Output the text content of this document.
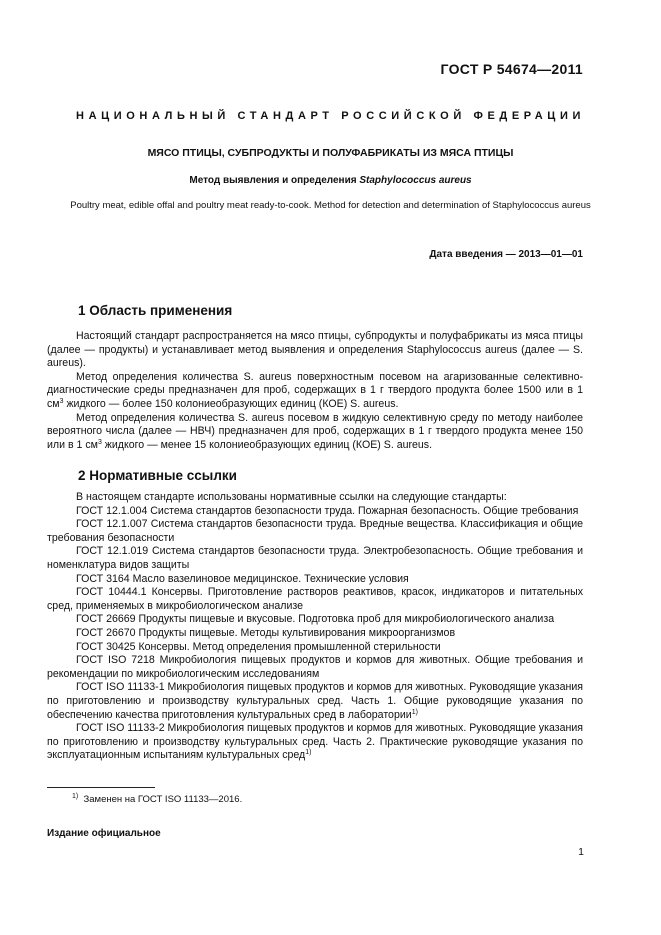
ГОСТ Р 54674—2011
НАЦИОНАЛЬНЫЙ СТАНДАРТ РОССИЙСКОЙ ФЕДЕРАЦИИ
МЯСО ПТИЦЫ, СУБПРОДУКТЫ И ПОЛУФАБРИКАТЫ ИЗ МЯСА ПТИЦЫ
Метод выявления и определения Staphylococcus aureus
Poultry meat, edible offal and poultry meat ready-to-cook. Method for detection and determination of Staphylococcus aureus
Дата введения — 2013—01—01
1 Область применения

Настоящий стандарт распространяется на мясо птицы, субпродукты и полуфабрикаты из мяса птицы (далее — продукты) и устанавливает метод выявления и определения Staphylococcus aureus (далее — S. aureus).

Метод определения количества S. aureus поверхностным посевом на агаризованные селективно-диагностические среды предназначен для проб, содержащих в 1 г твердого продукта более 1500 или в 1 $см^3$ жидкого — более 150 колониеобразующих единиц (КОЕ) S. aureus.

Метод определения количества S. aureus посевом в жидкую селективную среду по методу наиболее вероятного числа (далее — НВЧ) предназначен для проб, содержащих в 1 г твердого продукта менее 150 или в 1 $см^3$ жидкого — менее 15 колониеобразующих единиц (КОЕ) S. aureus.

2 Нормативные ссылки

В настоящем стандарте использованы нормативные ссылки на следующие стандарты:

ГОСТ 12.1.004 Система стандартов безопасности труда. Пожарная безопасность. Общие требования

ГОСТ 12.1.007 Система стандартов безопасности труда. Вредные вещества. Классификация и общие требования безопасности

ГОСТ 12.1.019 Система стандартов безопасности труда. Электробезопасность. Общие требования и номенклатура видов защиты

ГОСТ 3164 Масло вазелиновое медицинское. Технические условия

ГОСТ 10444.1 Консервы. Приготовление растворов реактивов, красок, индикаторов и питательных сред, применяемых в микробиологическом анализе

ГОСТ 26669 Продукты пищевые и вкусовые. Подготовка проб для микробиологического анализа

ГОСТ 26670 Продукты пищевые. Методы культивирования микроорганизмов

ГОСТ 30425 Консервы. Метод определения промышленной стерильности

ГОСТ ISO 7218 Микробиология пищевых продуктов и кормов для животных. Общие требования и рекомендации по микробиологическим исследованиям

ГОСТ ISO 11133-1 Микробиология пищевых продуктов и кормов для животных. Руководящие указания по приготовлению и производству культуральных сред. Часть 1. Общие руководящие указания по обеспечению качества приготовления культуральных сред в лаборатории$^{1)}$

ГОСТ ISO 11133-2 Микробиология пищевых продуктов и кормов для животных. Руководящие указания по приготовлению и производству культуральных сред. Часть 2. Практические руководящие указания по эксплуатационным испытаниям культуральных сред$^{1)}$

$^{1)}$ Заменен на ГОСТ ISO 11133—2016.
Издание официальное
1
